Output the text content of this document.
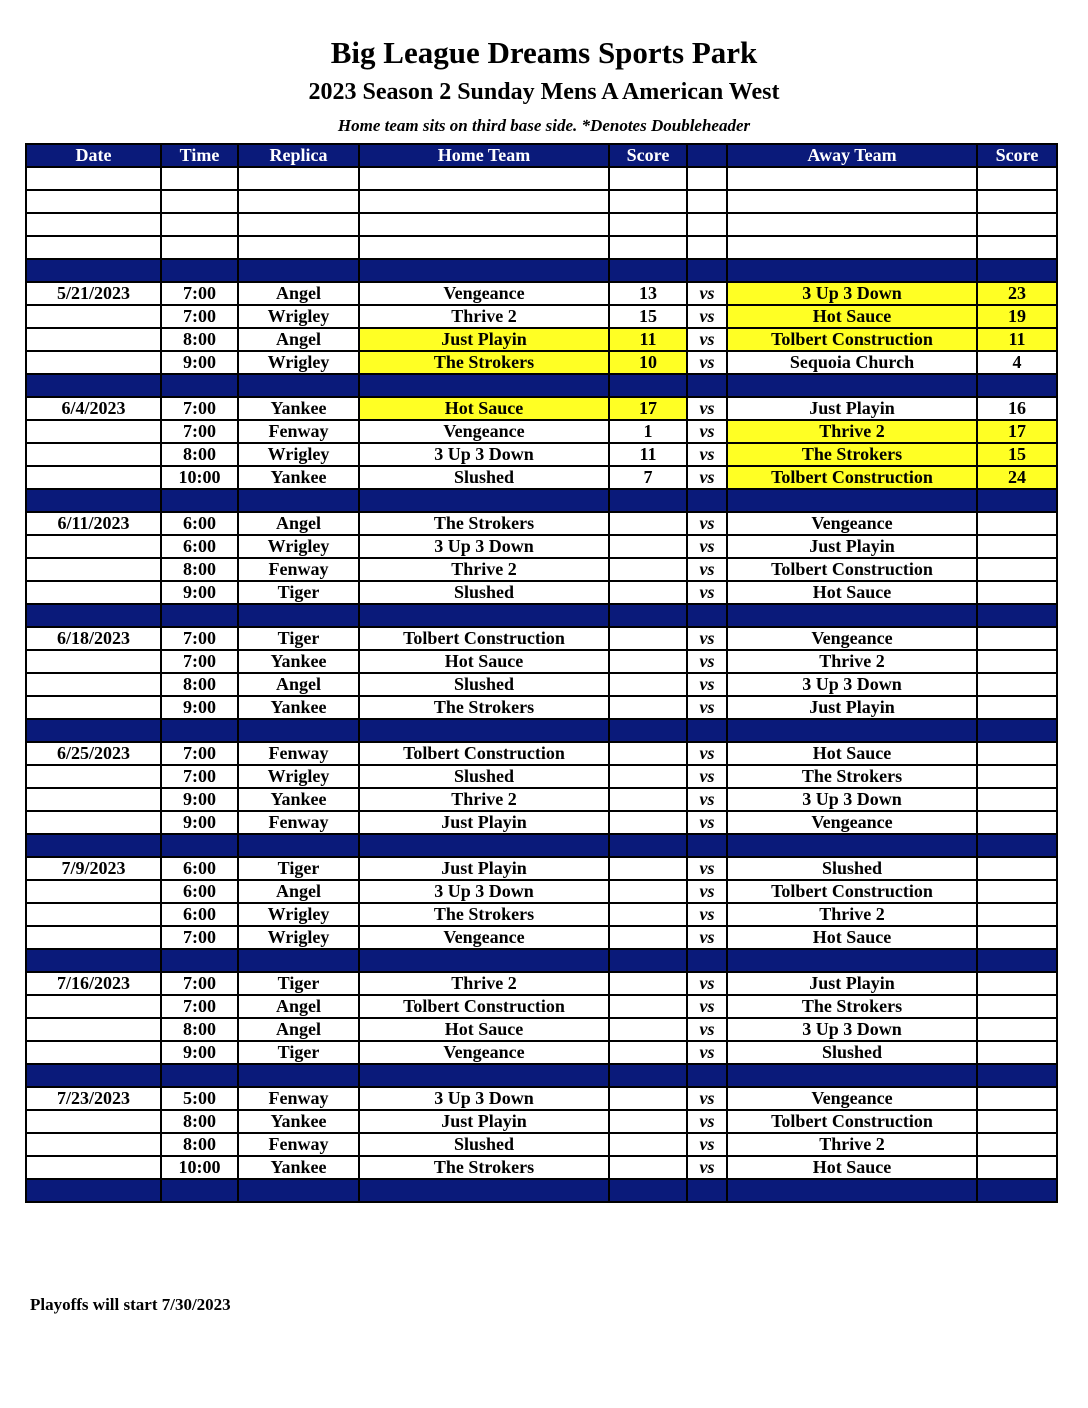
Big League Dreams Sports Park
2023 Season 2 Sunday Mens A American West
Home team sits on third base side. *Denotes Doubleheader
Date	Time	Replica	Home Team	Score		Away Team	Score

5/21/2023	7:00	Angel	Vengeance	13	vs	3 Up 3 Down	23
	7:00	Wrigley	Thrive 2	15	vs	Hot Sauce	19
	8:00	Angel	Just Playin	11	vs	Tolbert Construction	11
	9:00	Wrigley	The Strokers	10	vs	Sequoia Church	4

6/4/2023	7:00	Yankee	Hot Sauce	17	vs	Just Playin	16
	7:00	Fenway	Vengeance	1	vs	Thrive 2	17
	8:00	Wrigley	3 Up 3 Down	11	vs	The Strokers	15
	10:00	Yankee	Slushed	7	vs	Tolbert Construction	24

6/11/2023	6:00	Angel	The Strokers		vs	Vengeance	
	6:00	Wrigley	3 Up 3 Down		vs	Just Playin	
	8:00	Fenway	Thrive 2		vs	Tolbert Construction	
	9:00	Tiger	Slushed		vs	Hot Sauce	

6/18/2023	7:00	Tiger	Tolbert Construction		vs	Vengeance	
	7:00	Yankee	Hot Sauce		vs	Thrive 2	
	8:00	Angel	Slushed		vs	3 Up 3 Down	
	9:00	Yankee	The Strokers		vs	Just Playin	

6/25/2023	7:00	Fenway	Tolbert Construction		vs	Hot Sauce	
	7:00	Wrigley	Slushed		vs	The Strokers	
	9:00	Yankee	Thrive 2		vs	3 Up 3 Down	
	9:00	Fenway	Just Playin		vs	Vengeance	

7/9/2023	6:00	Tiger	Just Playin		vs	Slushed	
	6:00	Angel	3 Up 3 Down		vs	Tolbert Construction	
	6:00	Wrigley	The Strokers		vs	Thrive 2	
	7:00	Wrigley	Vengeance		vs	Hot Sauce	

7/16/2023	7:00	Tiger	Thrive 2		vs	Just Playin	
	7:00	Angel	Tolbert Construction		vs	The Strokers	
	8:00	Angel	Hot Sauce		vs	3 Up 3 Down	
	9:00	Tiger	Vengeance		vs	Slushed	

7/23/2023	5:00	Fenway	3 Up 3 Down		vs	Vengeance	
	8:00	Yankee	Just Playin		vs	Tolbert Construction	
	8:00	Fenway	Slushed		vs	Thrive 2	
	10:00	Yankee	The Strokers		vs	Hot Sauce	

Playoffs will start 7/30/2023
